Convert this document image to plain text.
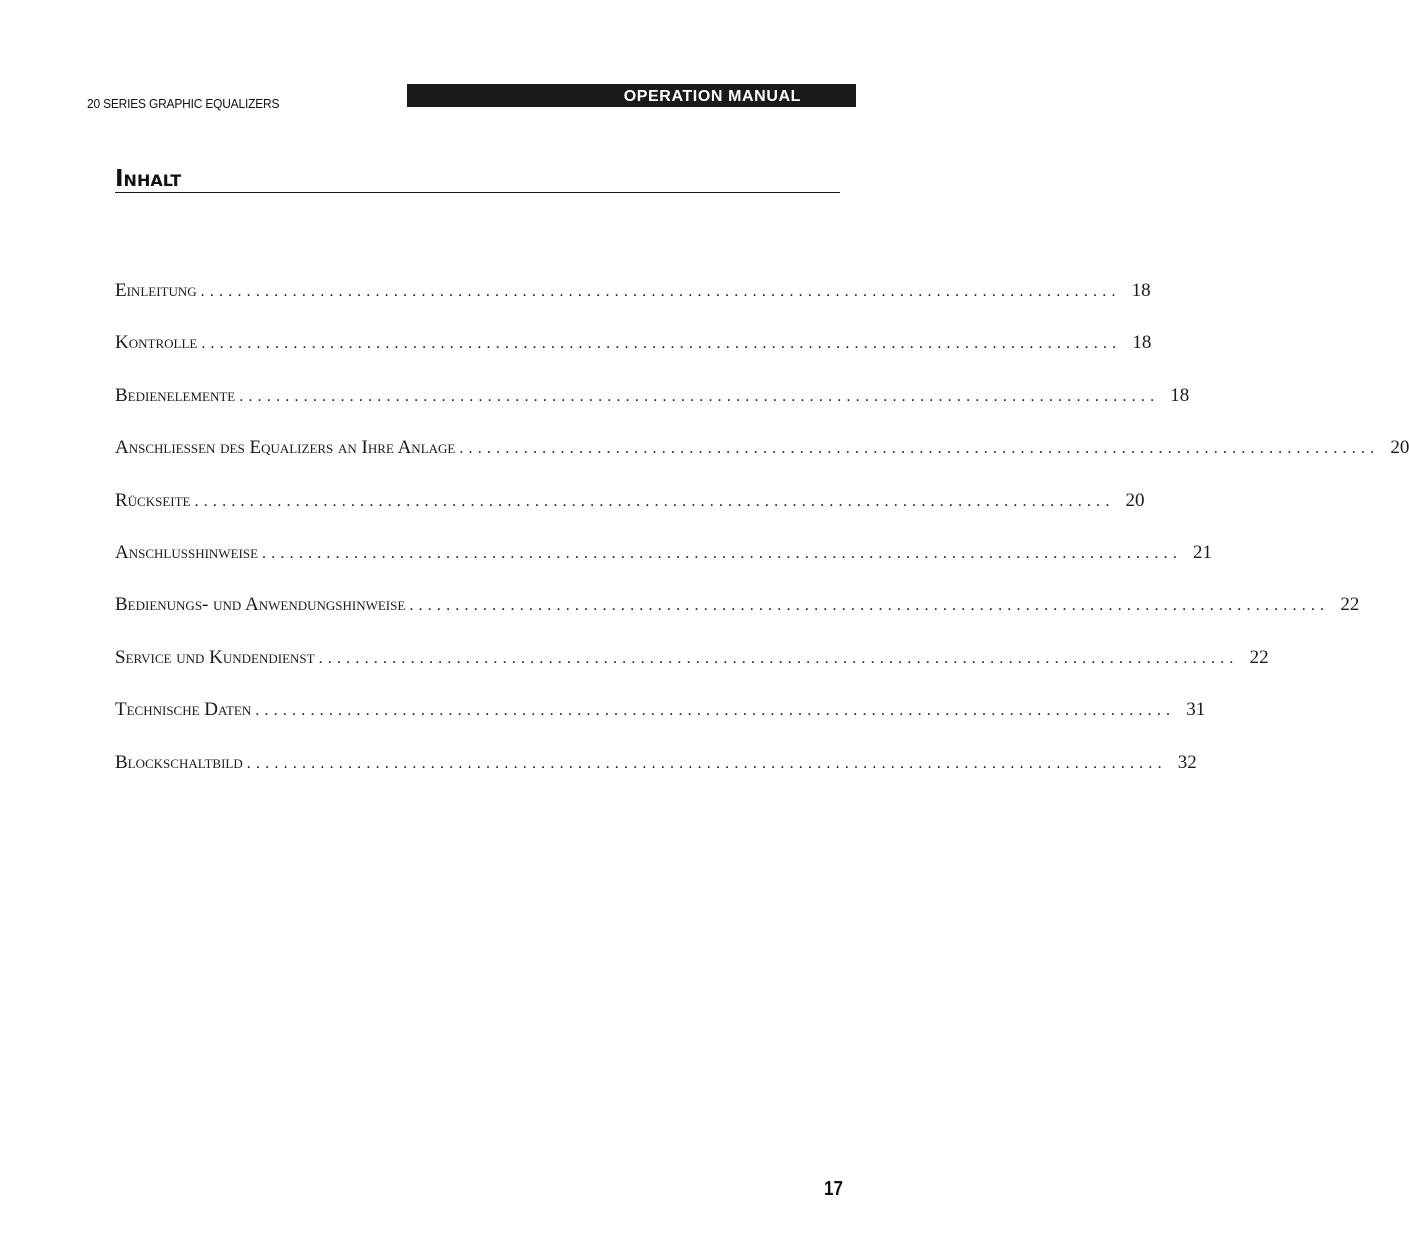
20 SERIES GRAPHIC EQUALIZERS	OPERATION MANUAL
Inhalt
Einleitung .................................................................................................... 18
Kontrolle .................................................................................................... 18
Bedienelemente .................................................................................................... 18
Anschliessen des Equalizers an Ihre Anlage .................................................................................................... 20
Rückseite .................................................................................................... 20
Anschlusshinweise .................................................................................................... 21
Bedienungs- und Anwendungshinweise .................................................................................................... 22
Service und Kundendienst .................................................................................................... 22
Technische Daten .................................................................................................... 31
Blockschaltbild .................................................................................................... 32
17
